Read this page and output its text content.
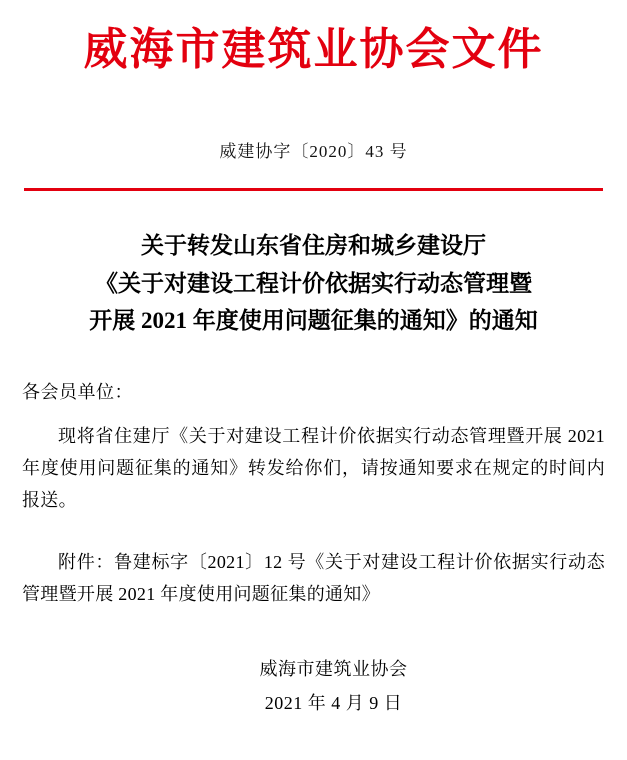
威海市建筑业协会文件
威建协字〔2020〕43 号
关于转发山东省住房和城乡建设厅
《关于对建设工程计价依据实行动态管理暨
开展 2021 年度使用问题征集的通知》的通知
各会员单位：
现将省住建厅《关于对建设工程计价依据实行动态管理暨开展 2021 年度使用问题征集的通知》转发给你们，请按通知要求在规定的时间内报送。
附件：鲁建标字〔2021〕12 号《关于对建设工程计价依据实行动态管理暨开展 2021 年度使用问题征集的通知》
威海市建筑业协会
2021 年 4 月 9 日
